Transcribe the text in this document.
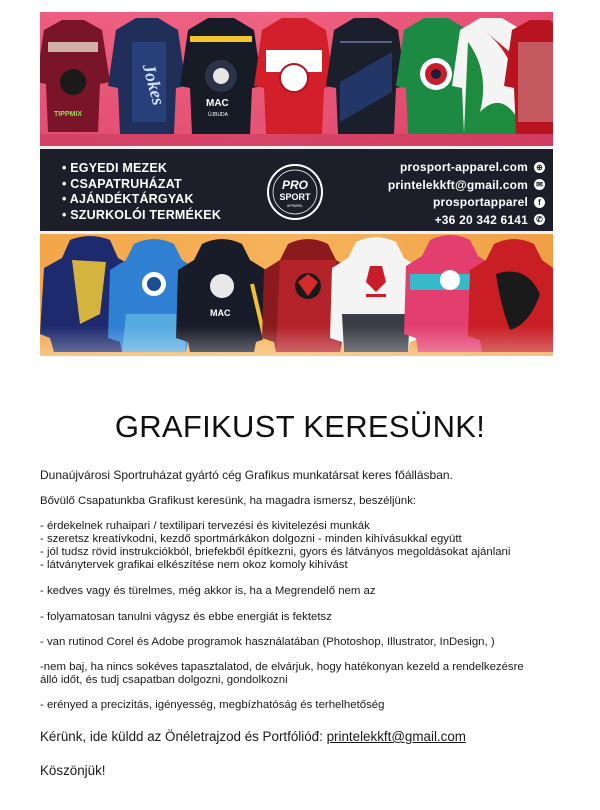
TIPPMIX
Jokes	MAC
ÚJBUDA
• EGYEDI MEZEK
• CSAPATRUHÁZAT
• AJÁNDÉKTÁRGYAK
• SZURKOLÓI TERMÉKEK
PRO
SPORT
APPAREL
prosport-apparel.com ⊕
printelekkft@gmail.com ✉
prosportapparel	f
+36 20 342 6141 ✆
MAC
GRAFIKUST KERESÜNK!

Dunaújvárosi Sportruházat gyártó cég Grafikus munkatársat keres főállásban.

Bővülő Csapatunkba Grafikust keresünk, ha magadra ismersz, beszéljünk:

- érdekelnek ruhaipari / textilipari tervezési és kivitelezési munkák

- szeretsz kreatívkodni, kezdő sportmárkákon dolgozni - minden kihívásukkal együtt

- jól tudsz rövid instrukciókból, briefekből építkezni, gyors és látványos megoldásokat ajánlani

- látványtervek grafikai elkészítése nem okoz komoly kihívást

- kedves vagy és türelmes, még akkor is, ha a Megrendelő nem az

- folyamatosan tanulni vágysz és ebbe energiát is fektetsz

- van rutinod Corel és Adobe programok használatában (Photoshop, Illustrator, InDesign, )

-nem baj, ha nincs sokéves tapasztalatod, de elvárjuk, hogy hatékonyan kezeld a rendelkezésre

álló időt, és tudj csapatban dolgozni, gondolkozni

- erényed a precizitás, igényesség, megbízhatóság és terhelhetőség

Kérünk, ide küldd az Önéletrajzod és Portfólióđ: printelekkft@gmail.com

Köszönjük!
